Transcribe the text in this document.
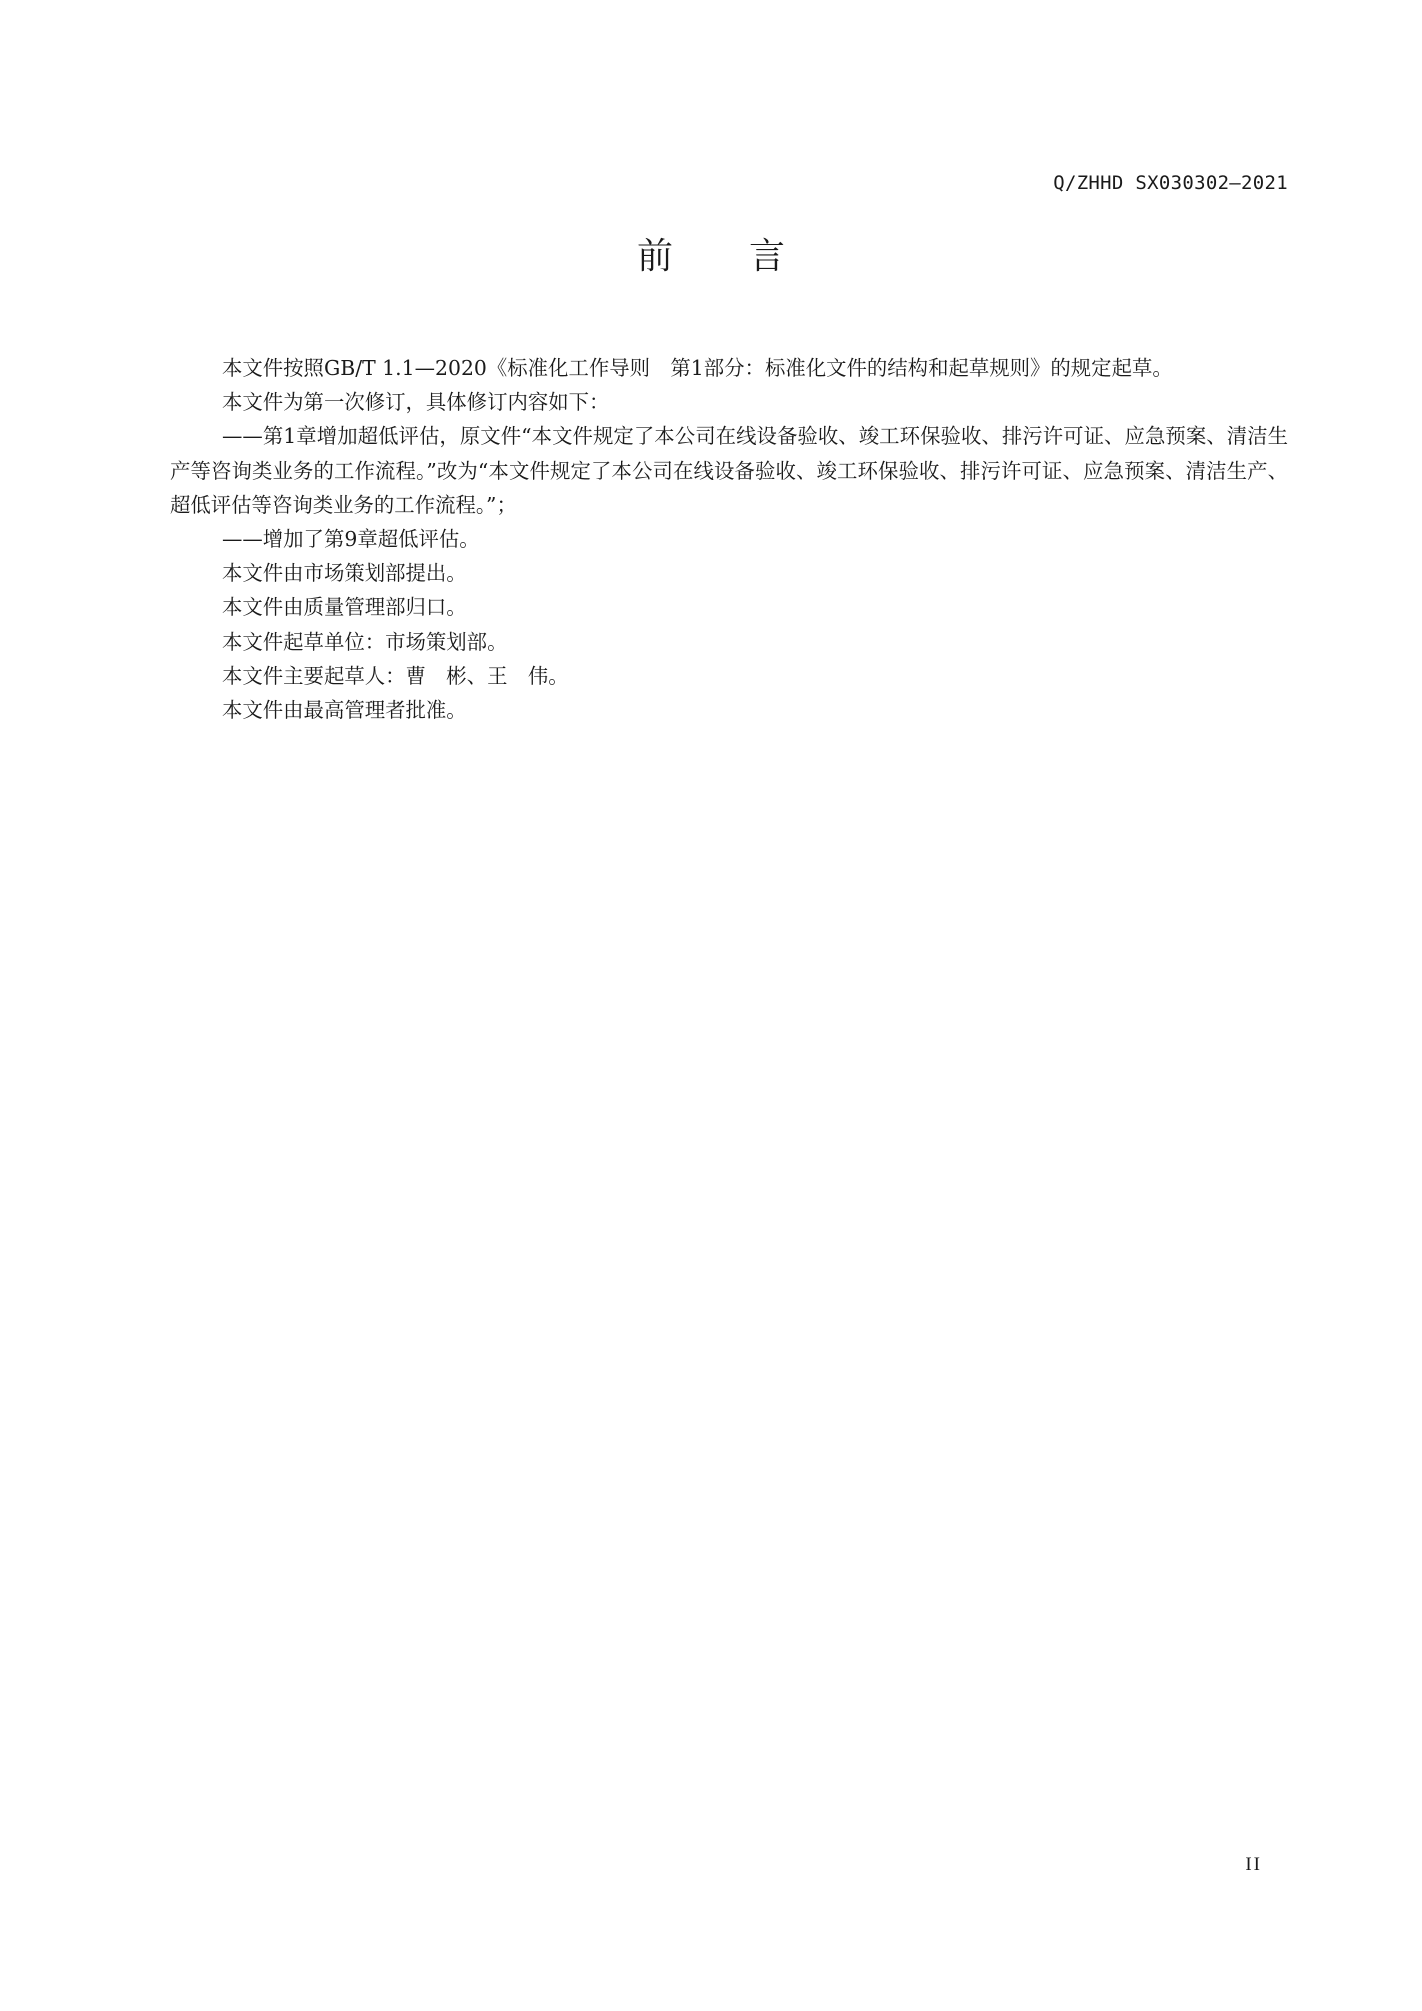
Q/ZHHD SX030302—2021
前 言

本文件按照GB/T 1.1—2020《标准化工作导则　第1部分：标准化文件的结构和起草规则》的规定起草。

本文件为第一次修订，具体修订内容如下：

——第1章增加超低评估，原文件“本文件规定了本公司在线设备验收、竣工环保验收、排污许可证、应急预案、清洁生产等咨询类业务的工作流程。”改为“本文件规定了本公司在线设备验收、竣工环保验收、排污许可证、应急预案、清洁生产、超低评估等咨询类业务的工作流程。”；

——增加了第9章超低评估。

本文件由市场策划部提出。

本文件由质量管理部归口。

本文件起草单位：市场策划部。

本文件主要起草人：曹　彬、王　伟。

本文件由最高管理者批准。

II
